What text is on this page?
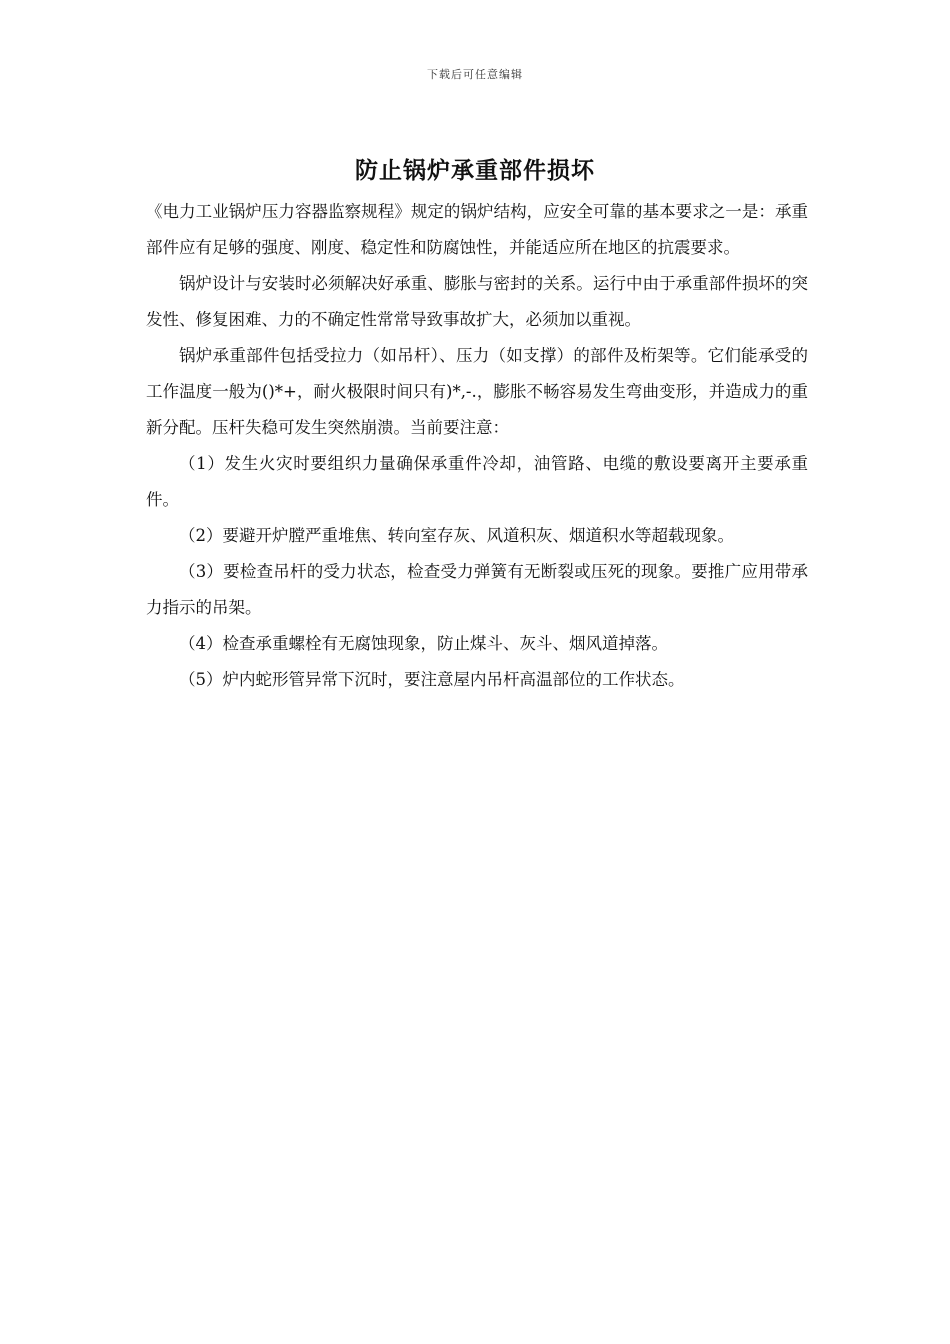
下载后可任意编辑
防止锅炉承重部件损坏

《电力工业锅炉压力容器监察规程》规定的锅炉结构，应安全可靠的基本要求之一是：承重部件应有足够的强度、刚度、稳定性和防腐蚀性，并能适应所在地区的抗震要求。

锅炉设计与安装时必须解决好承重、膨胀与密封的关系。运行中由于承重部件损坏的突发性、修复困难、力的不确定性常常导致事故扩大，必须加以重视。

锅炉承重部件包括受拉力（如吊杆）、压力（如支撑）的部件及桁架等。它们能承受的工作温度一般为()*+，耐火极限时间只有)*,-.，膨胀不畅容易发生弯曲变形，并造成力的重新分配。压杆失稳可发生突然崩溃。当前要注意：

（1）发生火灾时要组织力量确保承重件冷却，油管路、电缆的敷设要离开主要承重件。

（2）要避开炉膛严重堆焦、转向室存灰、风道积灰、烟道积水等超载现象。

（3）要检查吊杆的受力状态，检查受力弹簧有无断裂或压死的现象。要推广应用带承力指示的吊架。

（4）检查承重螺栓有无腐蚀现象，防止煤斗、灰斗、烟风道掉落。

（5）炉内蛇形管异常下沉时，要注意屋内吊杆高温部位的工作状态。
